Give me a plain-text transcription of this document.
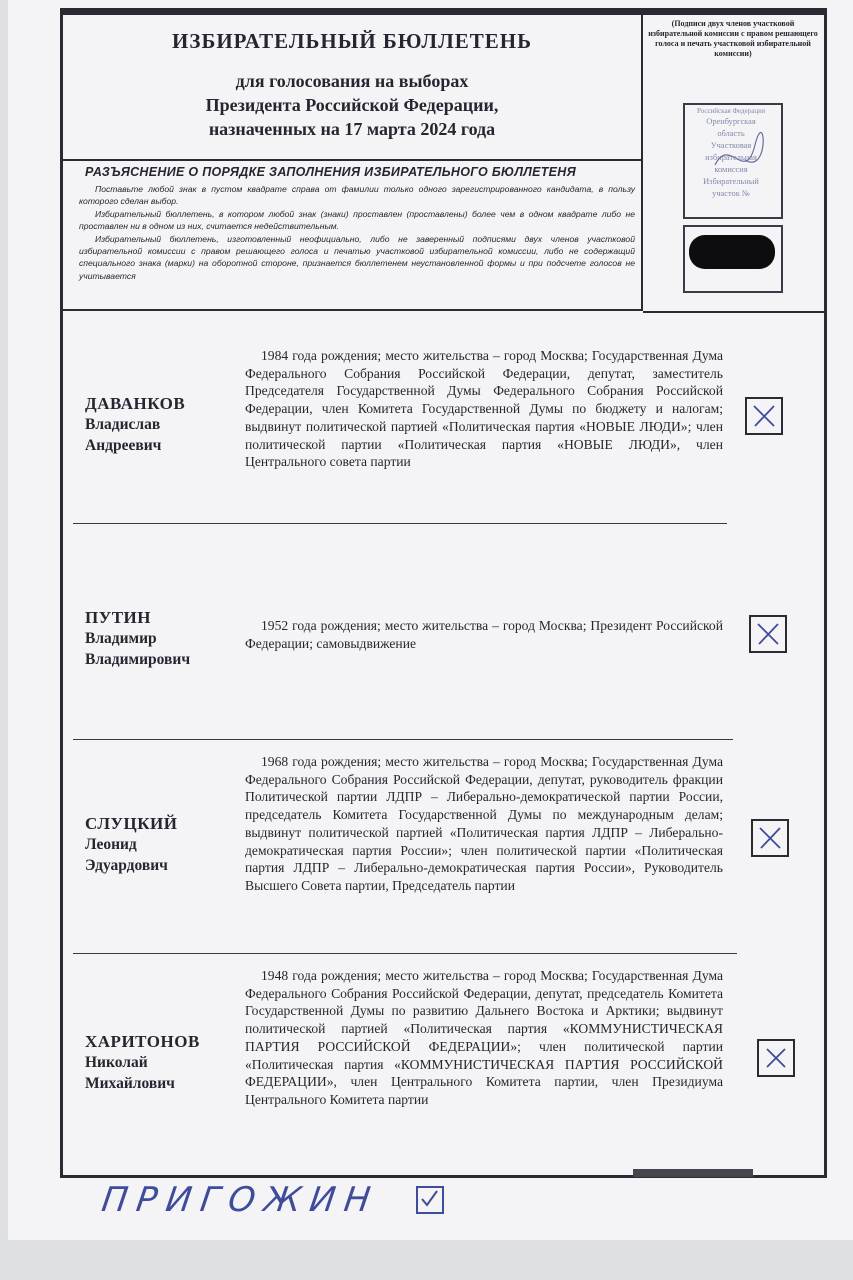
ИЗБИРАТЕЛЬНЫЙ БЮЛЛЕТЕНЬ
для голосования на выборах
Президента Российской Федерации,
назначенных на 17 марта 2024 года
РАЗЪЯСНЕНИЕ О ПОРЯДКЕ ЗАПОЛНЕНИЯ ИЗБИРАТЕЛЬНОГО БЮЛЛЕТЕНЯ

Поставьте любой знак в пустом квадрате справа от фамилии только одного зарегистрированного кандидата, в пользу которого сделан выбор.

Избирательный бюллетень, в котором любой знак (знаки) проставлен (проставлены) более чем в одном квадрате либо не проставлен ни в одном из них, считается недействительным.

Избирательный бюллетень, изготовленный неофициально, либо не заверенный подписями двух членов участковой избирательной комиссии с правом решающего голоса и печатью участковой избирательной комиссии, либо не содержащий специального знака (марки) на оборотной стороне, признается бюллетенем неустановленной формы и при подсчете голосов не учитывается

(Подписи двух членов участковой избирательной комиссии с правом решающего голоса и печать участковой избирательной комиссии)
Российская Федерация
Оренбургская
область
Участковая
избирательная
комиссия
Избирательный
участок №
ДАВАНКОВ
Владислав
Андреевич
1984 года рождения; место жительства – город Москва; Государственная Дума Федерального Собрания Российской Федерации, депутат, заместитель Председателя Государственной Думы Федерального Собрания Российской Федерации, член Комитета Государственной Думы по бюджету и налогам; выдвинут политической партией «Политическая партия «НОВЫЕ ЛЮДИ»; член политической партии «Политическая партия «НОВЫЕ ЛЮДИ», член Центрального совета партии
ПУТИН
Владимир
Владимирович
1952 года рождения; место жительства – город Москва; Президент Российской Федерации; самовыдвижение
СЛУЦКИЙ
Леонид
Эдуардович
1968 года рождения; место жительства – город Москва; Государственная Дума Федерального Собрания Российской Федерации, депутат, руководитель фракции Политической партии ЛДПР – Либерально-демократической партии России, председатель Комитета Государственной Думы по международным делам; выдвинут политической партией «Политическая партия ЛДПР – Либерально-демократическая партия России»; член политической партии «Политическая партия ЛДПР – Либерально-демократическая партия России», Руководитель Высшего Совета партии, Председатель партии
ХАРИТОНОВ
Николай
Михайлович
1948 года рождения; место жительства – город Москва; Государственная Дума Федерального Собрания Российской Федерации, депутат, председатель Комитета Государственной Думы по развитию Дальнего Востока и Арктики; выдвинут политической партией «Политическая партия «КОММУНИСТИЧЕСКАЯ ПАРТИЯ РОССИЙСКОЙ ФЕДЕРАЦИИ»; член политической партии «Политическая партия «КОММУНИСТИЧЕСКАЯ ПАРТИЯ РОССИЙСКОЙ ФЕДЕРАЦИИ», член Центрального Комитета партии, член Президиума Центрального Комитета партии
ПРИГОЖИН
